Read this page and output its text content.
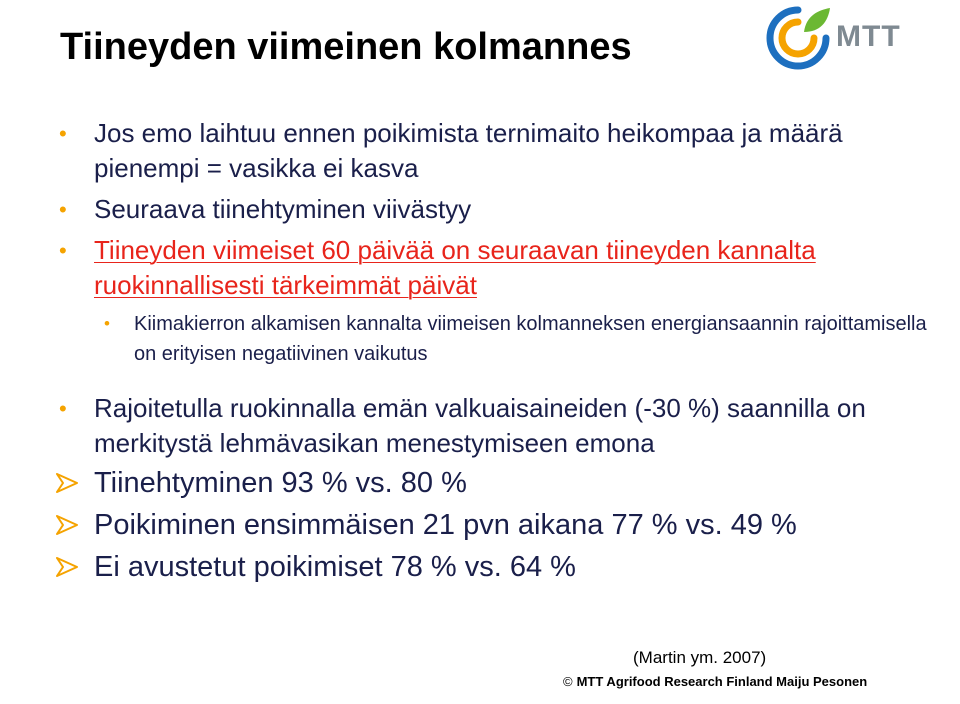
Tiineyden viimeinen kolmannes	MTT
• Jos emo laihtuu ennen poikimista ternimaito heikompaa ja määrä pienempi = vasikka ei kasva
• Seuraava tiinehtyminen viivästyy
• Tiineyden viimeiset 60 päivää on seuraavan tiineyden kannalta ruokinnallisesti tärkeimmät päivät
• Kiimakierron alkamisen kannalta viimeisen kolmanneksen energiansaannin rajoittamisella on erityisen negatiivinen vaikutus
• Rajoitetulla ruokinnalla emän valkuaisaineiden (-30 %) saannilla on merkitystä lehmävasikan menestymiseen emona
Tiinehtyminen 93 % vs. 80 %
Poikiminen ensimmäisen 21 pvn aikana 77 % vs. 49 %
Ei avustetut poikimiset 78 % vs. 64 %
(Martin ym. 2007)
© MTT Agrifood Research Finland Maiju Pesonen
